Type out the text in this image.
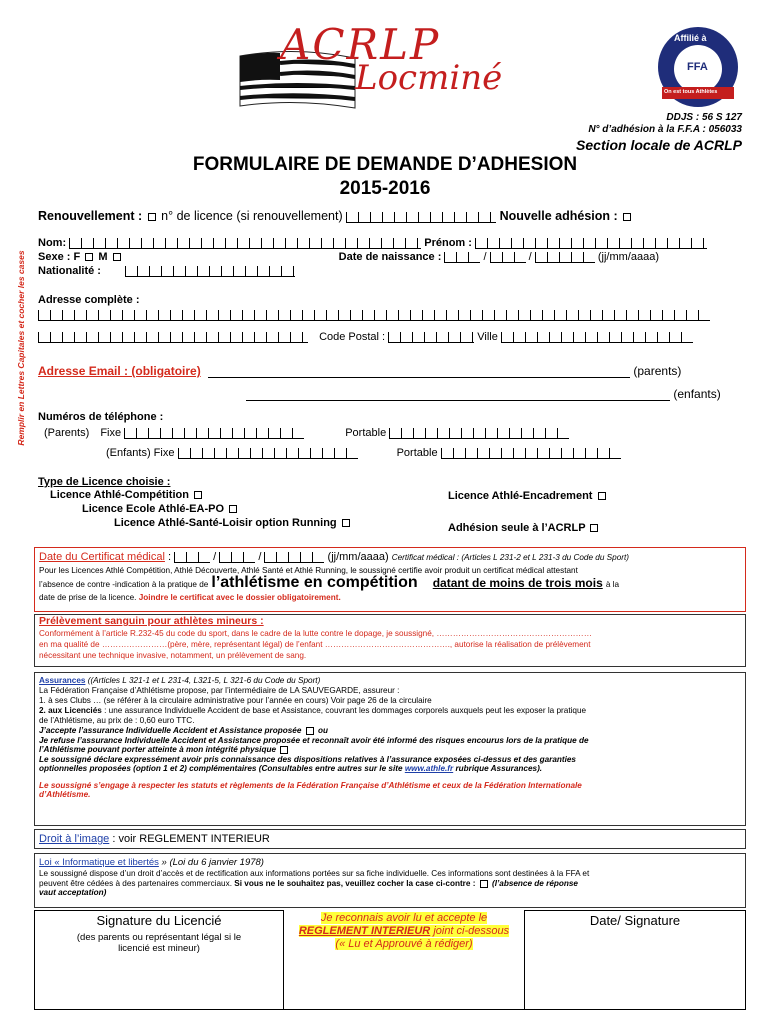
ACRLP
Locminé
Affilié à
FFA
On est tous Athlètes
DDJS : 56 S 127
N° d’adhésion à la F.F.A : 056033
Section locale de ACRLP
FORMULAIRE DE DEMANDE D’ADHESION
2015-2016
Remplir en Lettres Capitales et cocher les cases
Renouvellement : n° de licence (si renouvellement)	Nouvelle adhésion :
Nom:	Prénom :
Sexe : F M	Date de naissance :	/	/	(jj/mm/aaaa)
Nationalité :
Adresse complète :
Code Postal :	Ville
Adresse Email : (obligatoire)	(parents)
(enfants)
Numéros de téléphone :
(Parents) Fixe	Portable
(Enfants) Fixe	Portable
Type de Licence choisie :
Licence Athlé-Compétition
Licence Ecole Athlé-EA-PO
Licence Athlé-Santé-Loisir option Running
Licence Athlé-Encadrement
Adhésion seule à l’ACRLP
Date du Certificat médical :	/	/	(jj/mm/aaaa) Certificat médical : (Articles L 231-2 et L 231-3 du Code du Sport)
Pour les Licences Athlé Compétition, Athlé Découverte, Athlé Santé et Athlé Running, le soussigné certifie avoir produit un certificat médical attestant
l’absence de contre -indication à la pratique de l’athlétisme en compétition datant de moins de trois mois à la
date de prise de la licence. Joindre le certificat avec le dossier obligatoirement.
Prélèvement sanguin pour athlètes mineurs :
Conformément à l’article R.232-45 du code du sport, dans le cadre de la lutte contre le dopage, je soussigné, …………………………………………………
en ma qualité de ……………………(père, mère, représentant légal) de l’enfant ………………………………………., autorise la réalisation de prélèvement
nécessitant une technique invasive, notamment, un prélèvement de sang.
Assurances ((Articles L 321-1 et L 231-4, L321-5, L 321-6 du Code du Sport)
La Fédération Française d’Athlétisme propose, par l’intermédiaire de LA SAUVEGARDE, assureur :
1. à ses Clubs … (se référer à la circulaire administrative pour l’année en cours) Voir page 26 de la circulaire
2. aux Licenciés : une assurance Individuelle Accident de base et Assistance, couvrant les dommages corporels auxquels peut les exposer la pratique
de l’Athlétisme, au prix de : 0,60 euro TTC.
J’accepte l’assurance Individuelle Accident et Assistance proposée ou
Je refuse l’assurance Individuelle Accident et Assistance proposée et reconnaît avoir été informé des risques encourus lors de la pratique de
l’Athlétisme pouvant porter atteinte à mon intégrité physique
Le soussigné déclare expressément avoir pris connaissance des dispositions relatives à l’assurance exposées ci-dessus et des garanties
optionnelles proposées (option 1 et 2) complémentaires (Consultables entre autres sur le site www.athle.fr rubrique Assurances).
Le soussigné s’engage à respecter les statuts et règlements de la Fédération Française d’Athlétisme et ceux de la Fédération Internationale
d’Athlétisme.
Droit à l’image : voir REGLEMENT INTERIEUR
Loi « Informatique et libertés » (Loi du 6 janvier 1978)
Le soussigné dispose d’un droit d’accès et de rectification aux informations portées sur sa fiche individuelle. Ces informations sont destinées à la FFA et
peuvent être cédées à des partenaires commerciaux. Si vous ne le souhaitez pas, veuillez cocher la case ci-contre : (l’absence de réponse
vaut acceptation)
Signature du Licencié
(des parents ou représentant légal si le licencié est mineur)
Je reconnais avoir lu et accepte le
REGLEMENT INTERIEUR joint ci-dessous
(« Lu et Approuvé à rédiger)
Date/ Signature
